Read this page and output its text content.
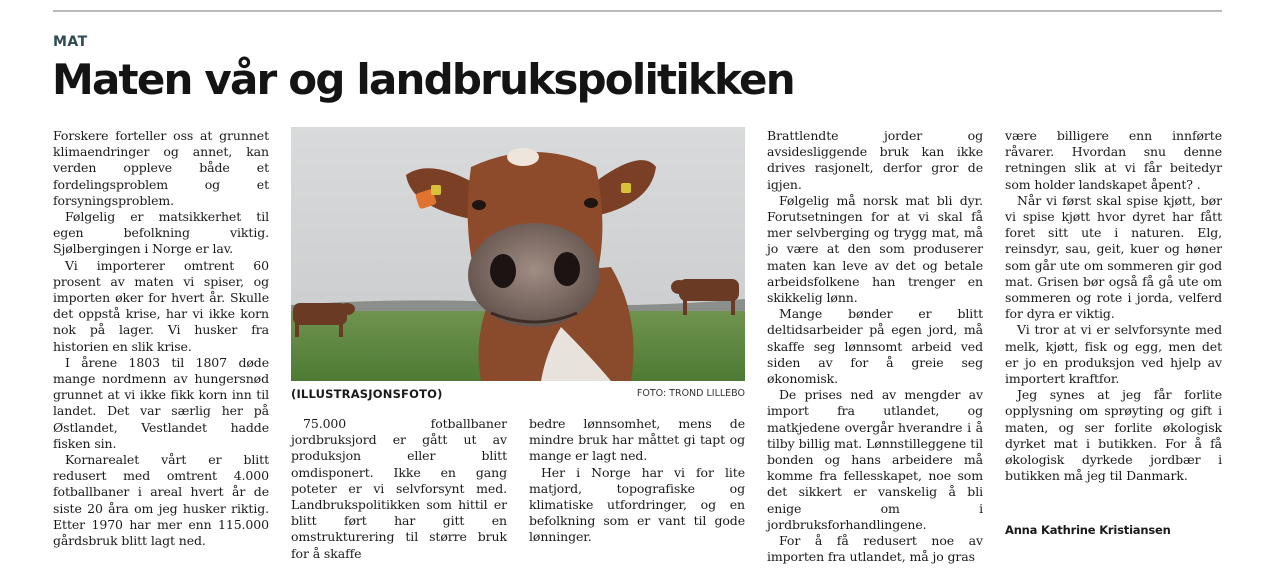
MAT
Maten vår og landbrukspolitikken

Forskere forteller oss at grunnet klimaendringer og annet, kan verden oppleve både et fordelingsproblem og et forsyningsproblem.

Følgelig er matsikkerhet til egen befolkning viktig. Sjølbergingen i Norge er lav.

Vi importerer omtrent 60 prosent av maten vi spiser, og importen øker for hvert år. Skulle det oppstå krise, har vi ikke korn nok på lager. Vi husker fra historien en slik krise.

I årene 1803 til 1807 døde mange nordmenn av hungersnød grunnet at vi ikke fikk korn inn til landet. Det var særlig her på Østlandet, Vestlandet hadde fisken sin.

Kornarealet vårt er blitt redusert med omtrent 4.000 fotballbaner i areal hvert år de siste 20 åra om jeg husker riktig. Etter 1970 har mer enn 115.000 gårdsbruk blitt lagt ned.

(ILLUSTRASJONSFOTO)	FOTO: TROND LILLEBO

75.000 fotballbaner jordbruksjord er gått ut av produksjon eller blitt omdisponert. Ikke en gang poteter er vi selvforsynt med. Landbrukspolitikken som hittil er blitt ført har gitt en omstrukturering til større bruk for å skaffe

bedre lønnsomhet, mens de mindre bruk har måttet gi tapt og mange er lagt ned.

Her i Norge har vi for lite matjord, topografiske og klimatiske utfordringer, og en befolkning som er vant til gode lønninger.

Brattlendte jorder og avsidesliggende bruk kan ikke drives rasjonelt, derfor gror de igjen.

Følgelig må norsk mat bli dyr. Forutsetningen for at vi skal få mer selvberging og trygg mat, må jo være at den som produserer maten kan leve av det og betale arbeidsfolkene han trenger en skikkelig lønn.

Mange bønder er blitt deltidsarbeider på egen jord, må skaffe seg lønnsomt arbeid ved siden av for å greie seg økonomisk.

De prises ned av mengder av import fra utlandet, og matkjedene overgår hverandre i å tilby billig mat. Lønnstilleggene til bonden og hans arbeidere må komme fra fellesskapet, noe som det sikkert er vanskelig å bli enige om i jordbruksforhandlingene.

For å få redusert noe av importen fra utlandet, må jo gras

være billigere enn innførte råvarer. Hvordan snu denne retningen slik at vi får beitedyr som holder landskapet åpent? .

Når vi først skal spise kjøtt, bør vi spise kjøtt hvor dyret har fått foret sitt ute i naturen. Elg, reinsdyr, sau, geit, kuer og høner som går ute om sommeren gir god mat. Grisen bør også få gå ute om sommeren og rote i jorda, velferd for dyra er viktig.

Vi tror at vi er selvforsynte med melk, kjøtt, fisk og egg, men det er jo en produksjon ved hjelp av importert kraftfor.

Jeg synes at jeg får forlite opplysning om sprøyting og gift i maten, og ser forlite økologisk dyrket mat i butikken. For å få økologisk dyrkede jordbær i butikken må jeg til Danmark.

Anna Kathrine Kristiansen
